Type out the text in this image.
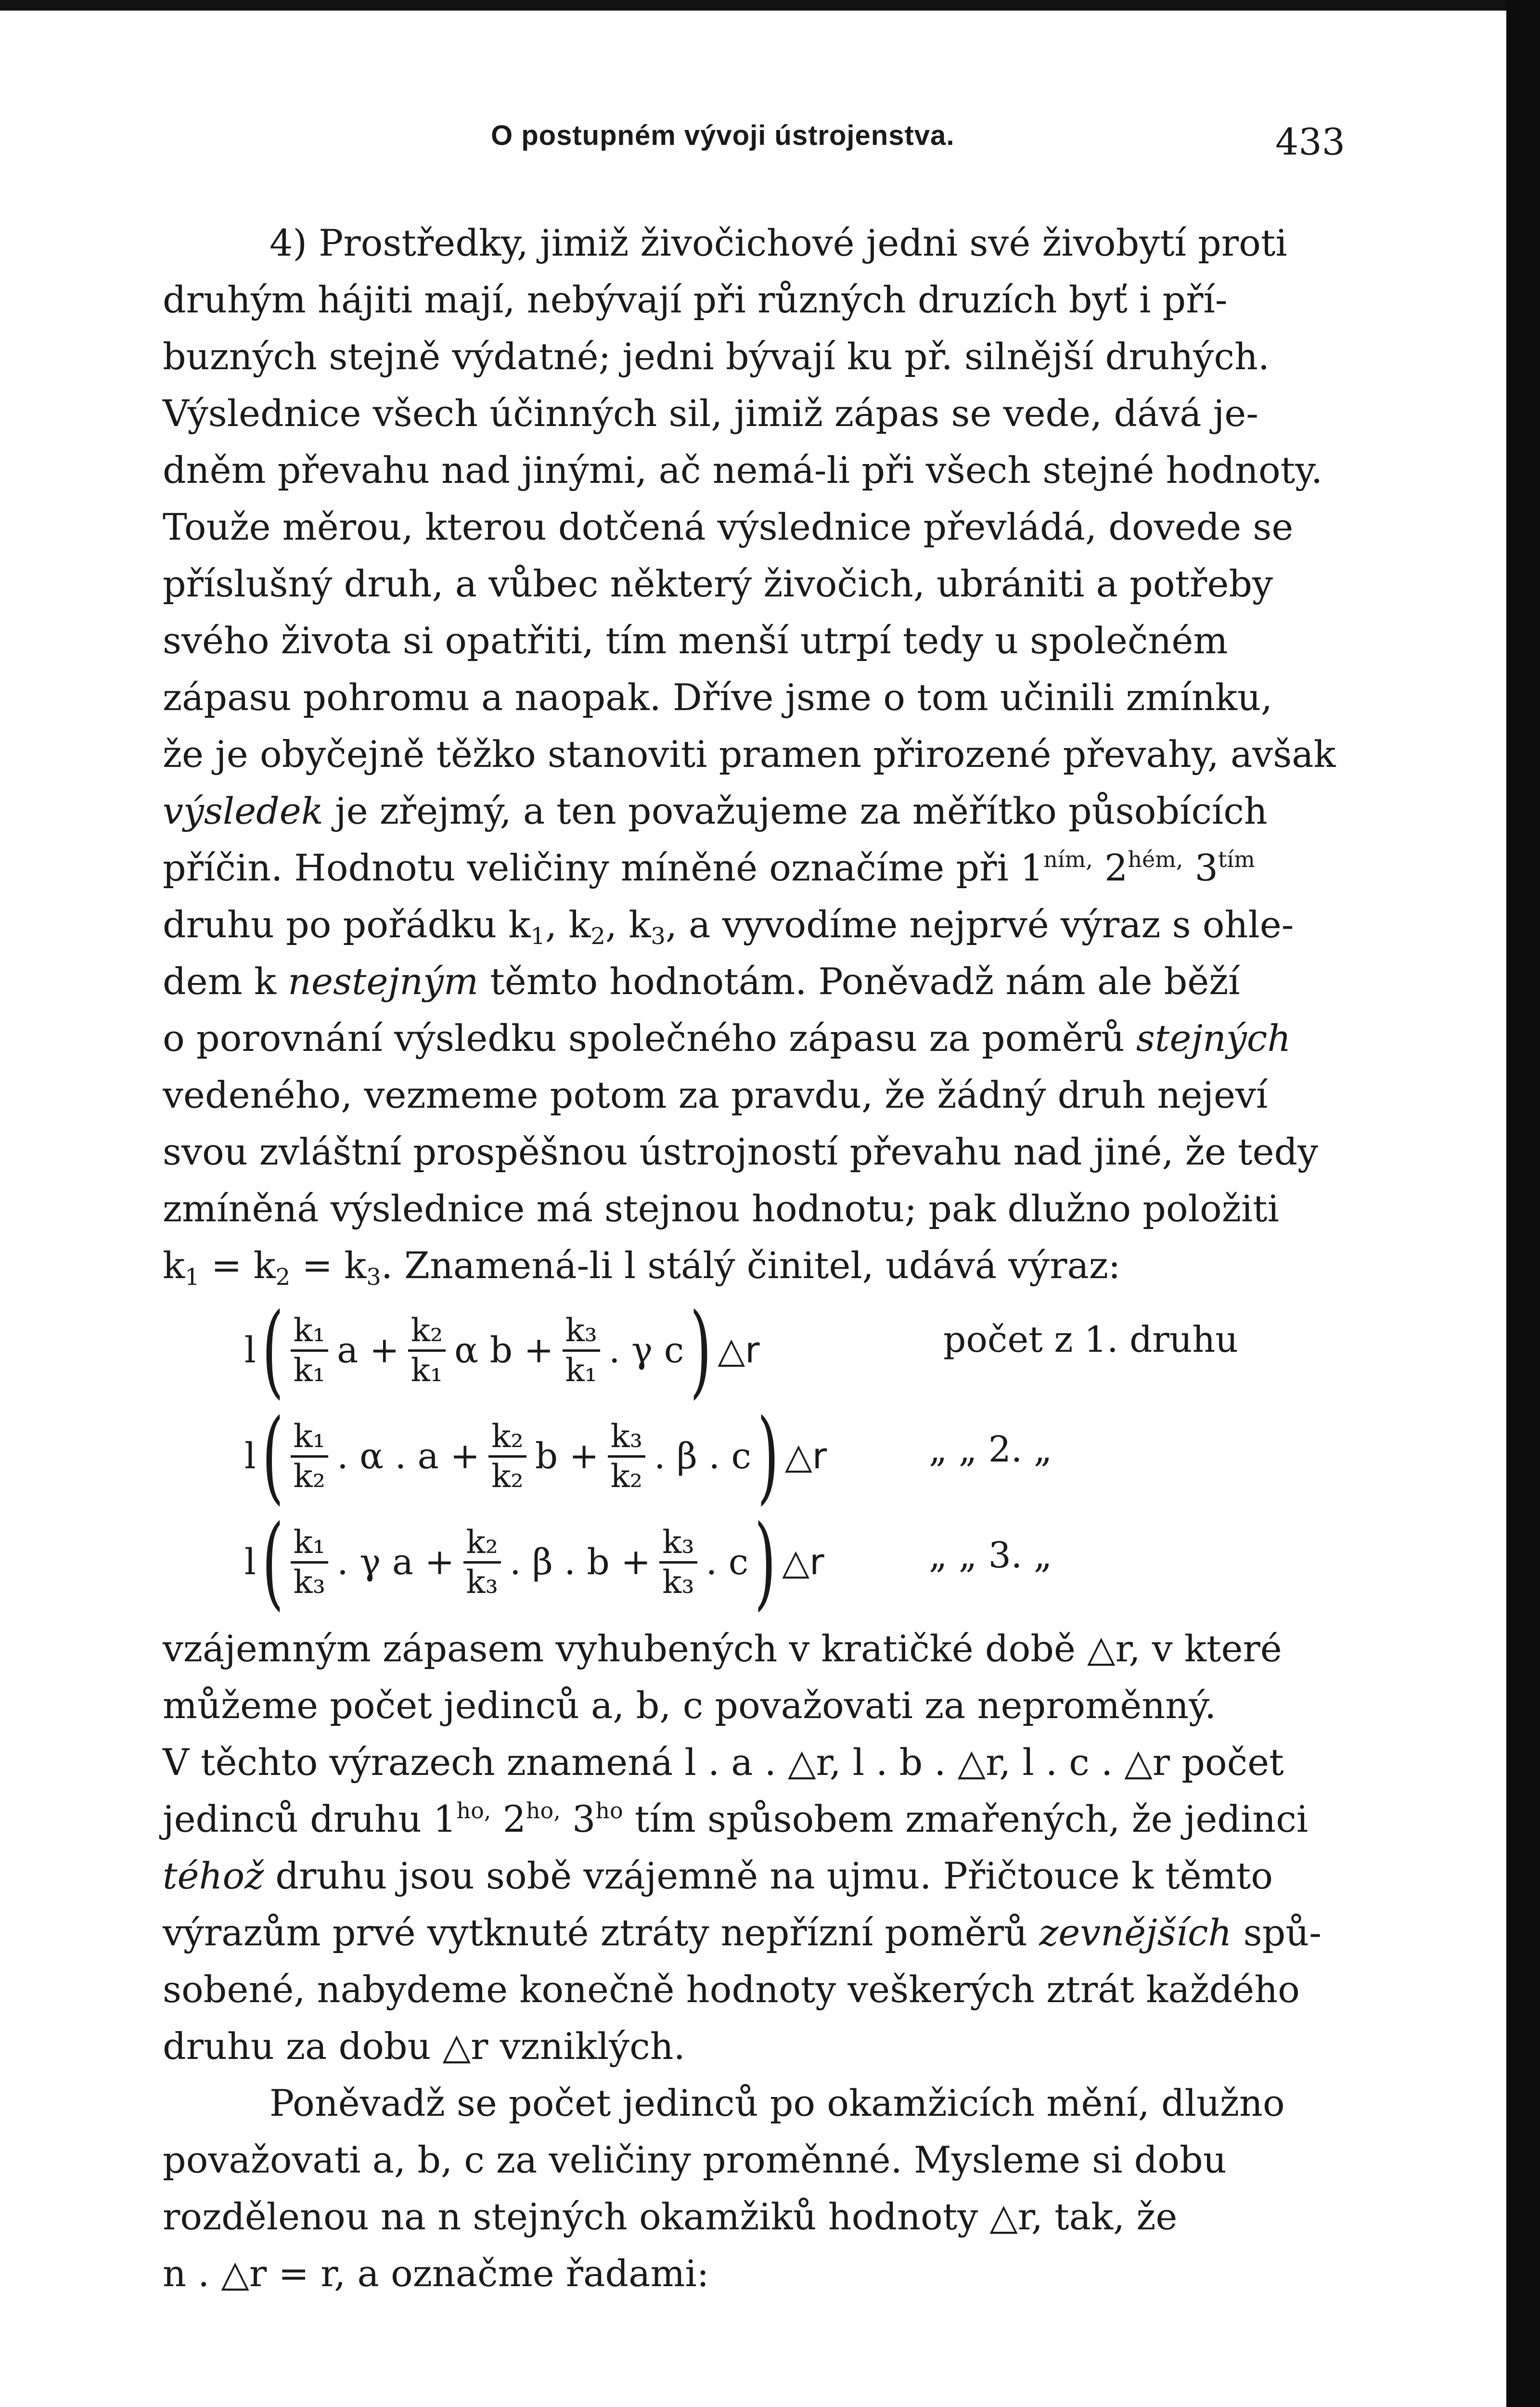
O postupném vývoji ústrojenstva.	433
4) Prostředky, jimiž živočichové jedni své živobytí proti
druhým hájiti mají, nebývají při různých druzích byť i pří-
buzných stejně výdatné; jedni bývají ku př. silnější druhých.
Výslednice všech účinných sil, jimiž zápas se vede, dává je-
dněm převahu nad jinými, ač nemá-li při všech stejné hodnoty.
Touže měrou, kterou dotčená výslednice převládá, dovede se
příslušný druh, a vůbec některý živočich, ubrániti a potřeby
svého života si opatřiti, tím menší utrpí tedy u společném
zápasu pohromu a naopak. Dříve jsme o tom učinili zmínku,
že je obyčejně těžko stanoviti pramen přirozené převahy, avšak
výsledek je zřejmý, a ten považujeme za měřítko působících
příčin. Hodnotu veličiny míněné označíme při $1^{ním,}$ $2^{hém,}$ $3^{tím}$
druhu po pořádku $k_1$, $k_2$, $k_3$, a vyvodíme nejprvé výraz s ohle-
dem k nestejným těmto hodnotám. Poněvadž nám ale běží
o porovnání výsledku společného zápasu za poměrů stejných
vedeného, vezmeme potom za pravdu, že žádný druh nejeví
svou zvláštní prospěšnou ústrojností převahu nad jiné, že tedy
zmíněná výslednice má stejnou hodnotu; pak dlužno položiti
$k_1 = k_2 = k_3$. Znamená-li l stálý činitel, udává výraz:
$l( \frac{\text{k₁}}{\text{k₁}}$ $a + \frac{\text{k₂}}{\text{k₁}}$ α $b + \frac{\text{k₃}}{\text{k₁}}$ . γ c) △r	počet z 1. druhu
$l( \frac{\text{k₁}}{\text{k₂}}$ . α . $a + \frac{\text{k₂}}{\text{k₂}}$ $b + \frac{\text{k₃}}{\text{k₂}}$ . β . c) △r	„ „ 2. „
$l( \frac{\text{k₁}}{\text{k₃}}$ . γ $a + \frac{\text{k₂}}{\text{k₃}}$ . β . $b + \frac{\text{k₃}}{\text{k₃}}$ . c) △r	„ „ 3. „
vzájemným zápasem vyhubených v kratičké době △r, v které
můžeme počet jedinců a, b, c považovati za neproměnný.
V těchto výrazech znamená l . a . △r, l . b . △r, l . c . △r počet
jedinců druhu $1^{ho,}$ $2^{ho,}$ $3^{ho}$ tím spůsobem zmařených, že jedinci
téhož druhu jsou sobě vzájemně na ujmu. Přičtouce k těmto
výrazům prvé vytknuté ztráty nepřízní poměrů zevnějších spů-
sobené, nabydeme konečně hodnoty veškerých ztrát každého
druhu za dobu △r vzniklých.
Poněvadž se počet jedinců po okamžicích mění, dlužno
považovati a, b, c za veličiny proměnné. Mysleme si dobu
rozdělenou na n stejných okamžiků hodnoty △r, tak, že
n . △r = r, a označme řadami:
